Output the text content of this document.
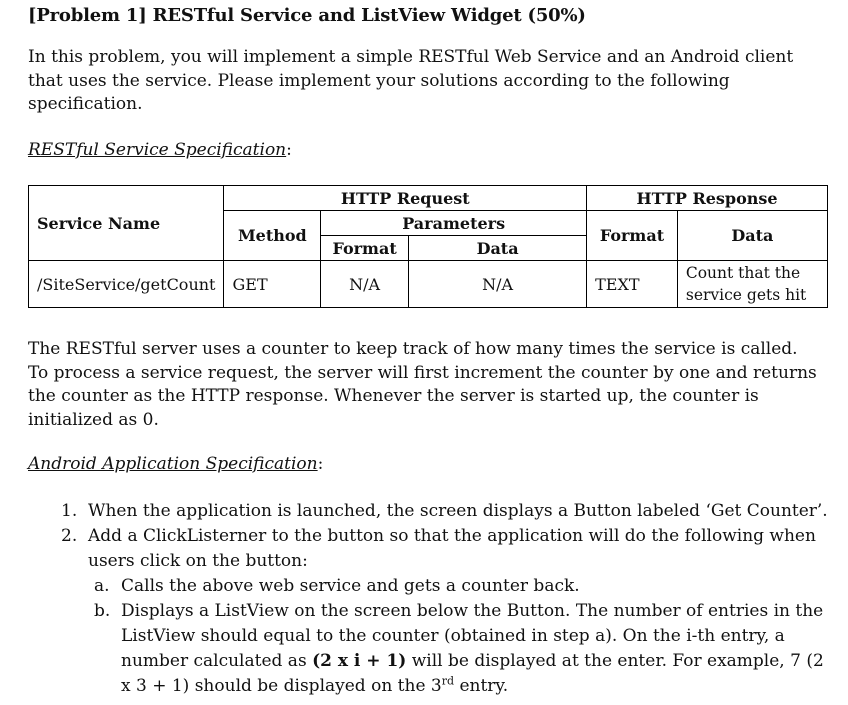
[Problem 1] RESTful Service and ListView Widget (50%)
In this problem, you will implement a simple RESTful Web Service and an Android client that uses the service. Please implement your solutions according to the following specification.
RESTful Service Specification:
Service Name	HTTP Request			HTTP Response	
	Method	Parameters		Format	Data
		Format	Data		
/SiteService/getCount	GET	N/A	N/A	TEXT	Count that the service gets hit
The RESTful server uses a counter to keep track of how many times the service is called. To process a service request, the server will first increment the counter by one and returns the counter as the HTTP response. Whenever the server is started up, the counter is initialized as 0.
Android Application Specification:
1. When the application is launched, the screen displays a Button labeled ‘Get Counter’.
2. Add a ClickListerner to the button so that the application will do the following when users click on the button:
a. Calls the above web service and gets a counter back.
b. Displays a ListView on the screen below the Button. The number of entries in the ListView should equal to the counter (obtained in step a). On the i-th entry, a number calculated as (2 x i + 1) will be displayed at the enter. For example, 7 (2 x 3 + 1) should be displayed on the 3rd entry.
